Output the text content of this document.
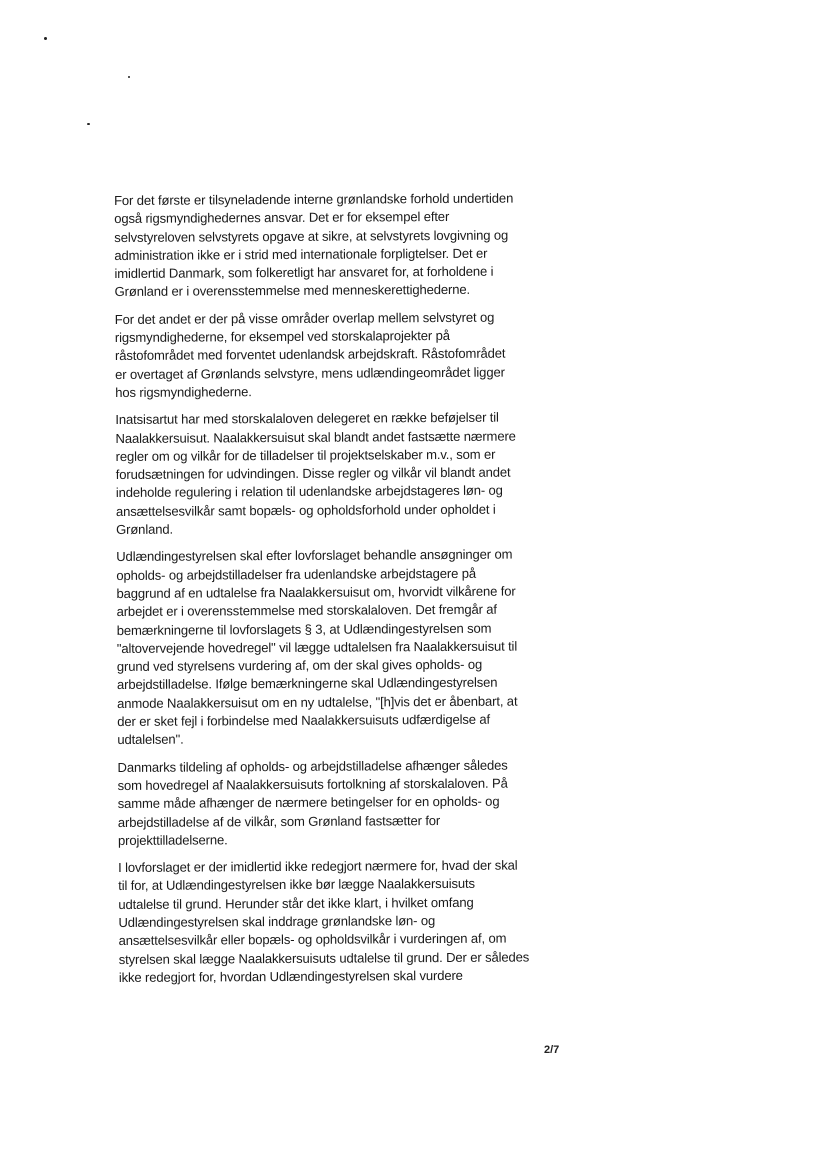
For det første er tilsyneladende interne grønlandske forhold undertiden
også rigsmyndighedernes ansvar. Det er for eksempel efter
selvstyreloven selvstyrets opgave at sikre, at selvstyrets lovgivning og
administration ikke er i strid med internationale forpligtelser. Det er
imidlertid Danmark, som folkeretligt har ansvaret for, at forholdene i
Grønland er i overensstemmelse med menneskerettighederne.
For det andet er der på visse områder overlap mellem selvstyret og
rigsmyndighederne, for eksempel ved storskalaprojekter på
råstofområdet med forventet udenlandsk arbejdskraft. Råstofområdet
er overtaget af Grønlands selvstyre, mens udlændingeområdet ligger
hos rigsmyndighederne.
Inatsisartut har med storskalaloven delegeret en række beføjelser til
Naalakkersuisut. Naalakkersuisut skal blandt andet fastsætte nærmere
regler om og vilkår for de tilladelser til projektselskaber m.v., som er
forudsætningen for udvindingen. Disse regler og vilkår vil blandt andet
indeholde regulering i relation til udenlandske arbejdstageres løn- og
ansættelsesvilkår samt bopæls- og opholdsforhold under opholdet i
Grønland.
Udlændingestyrelsen skal efter lovforslaget behandle ansøgninger om
opholds- og arbejdstilladelser fra udenlandske arbejdstagere på
baggrund af en udtalelse fra Naalakkersuisut om, hvorvidt vilkårene for
arbejdet er i overensstemmelse med storskalaloven. Det fremgår af
bemærkningerne til lovforslagets § 3, at Udlændingestyrelsen som
"altovervejende hovedregel" vil lægge udtalelsen fra Naalakkersuisut til
grund ved styrelsens vurdering af, om der skal gives opholds- og
arbejdstilladelse. Ifølge bemærkningerne skal Udlændingestyrelsen
anmode Naalakkersuisut om en ny udtalelse, "[h]vis det er åbenbart, at
der er sket fejl i forbindelse med Naalakkersuisuts udfærdigelse af
udtalelsen".
Danmarks tildeling af opholds- og arbejdstilladelse afhænger således
som hovedregel af Naalakkersuisuts fortolkning af storskalaloven. På
samme måde afhænger de nærmere betingelser for en opholds- og
arbejdstilladelse af de vilkår, som Grønland fastsætter for
projekttilladelserne.
I lovforslaget er der imidlertid ikke redegjort nærmere for, hvad der skal
til for, at Udlændingestyrelsen ikke bør lægge Naalakkersuisuts
udtalelse til grund. Herunder står det ikke klart, i hvilket omfang
Udlændingestyrelsen skal inddrage grønlandske løn- og
ansættelsesvilkår eller bopæls- og opholdsvilkår i vurderingen af, om
styrelsen skal lægge Naalakkersuisuts udtalelse til grund. Der er således
ikke redegjort for, hvordan Udlændingestyrelsen skal vurdere
2/7
